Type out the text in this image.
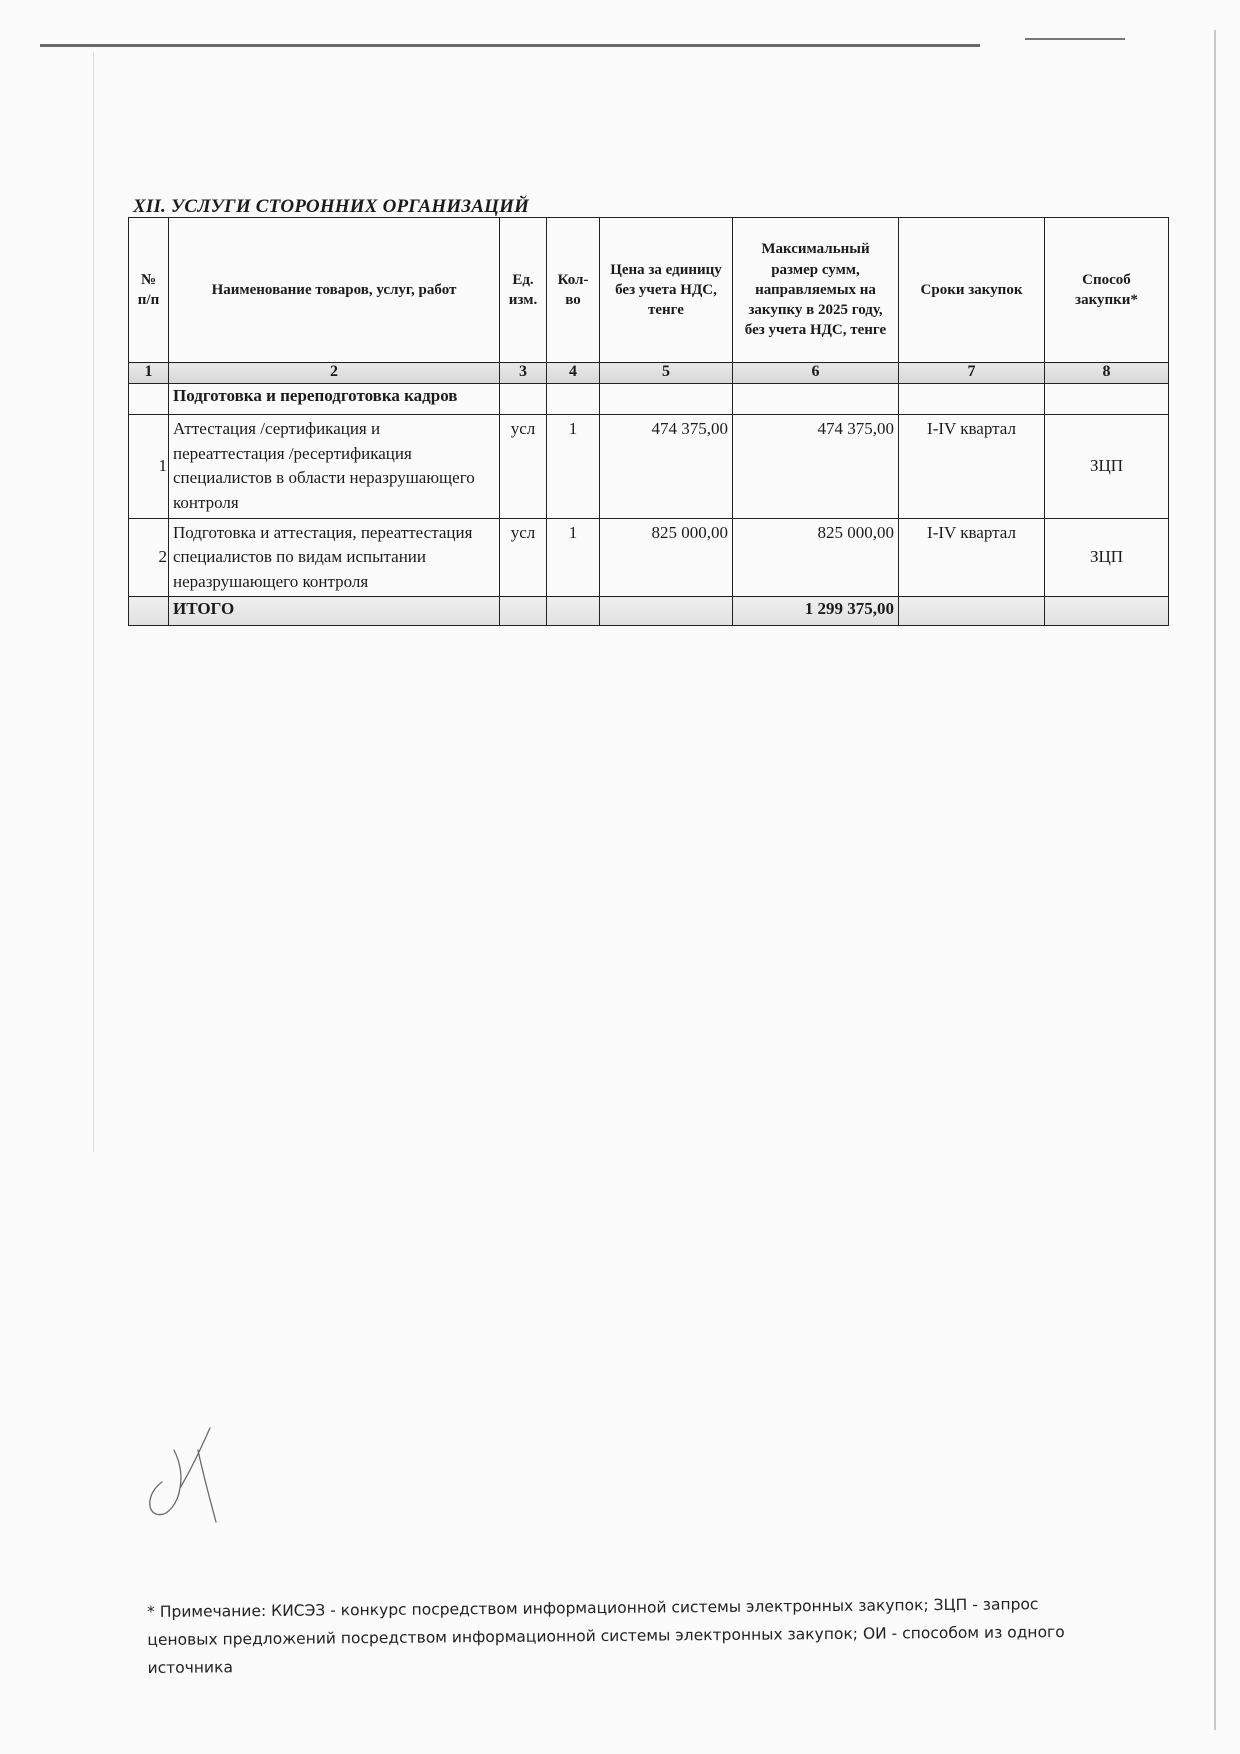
XII. УСЛУГИ СТОРОННИХ ОРГАНИЗАЦИЙ
№ п/п	Наименование товаров, услуг, работ	Ед. изм.	Кол-во	Цена за единицу без учета НДС, тенге	Максимальный размер сумм, направляемых на закупку в 2025 году, без учета НДС, тенге	Сроки закупок	Способ закупки*
1	2	3	4	5	6	7	8
	Подготовка и переподготовка кадров						
1	Аттестация /сертификация и переаттестация /ресертификация специалистов в области неразрушающего контроля	усл	1	474 375,00	474 375,00	I-IV квартал	ЗЦП
2	Подготовка и аттестация, переаттестация специалистов по видам испытании неразрушающего контроля	усл	1	825 000,00	825 000,00	I-IV квартал	ЗЦП
	ИТОГО				1 299 375,00		
* Примечание: КИСЭЗ - конкурс посредством информационной системы электронных закупок; ЗЦП - запрос ценовых предложений посредством информационной системы электронных закупок; ОИ - способом из одного источника
